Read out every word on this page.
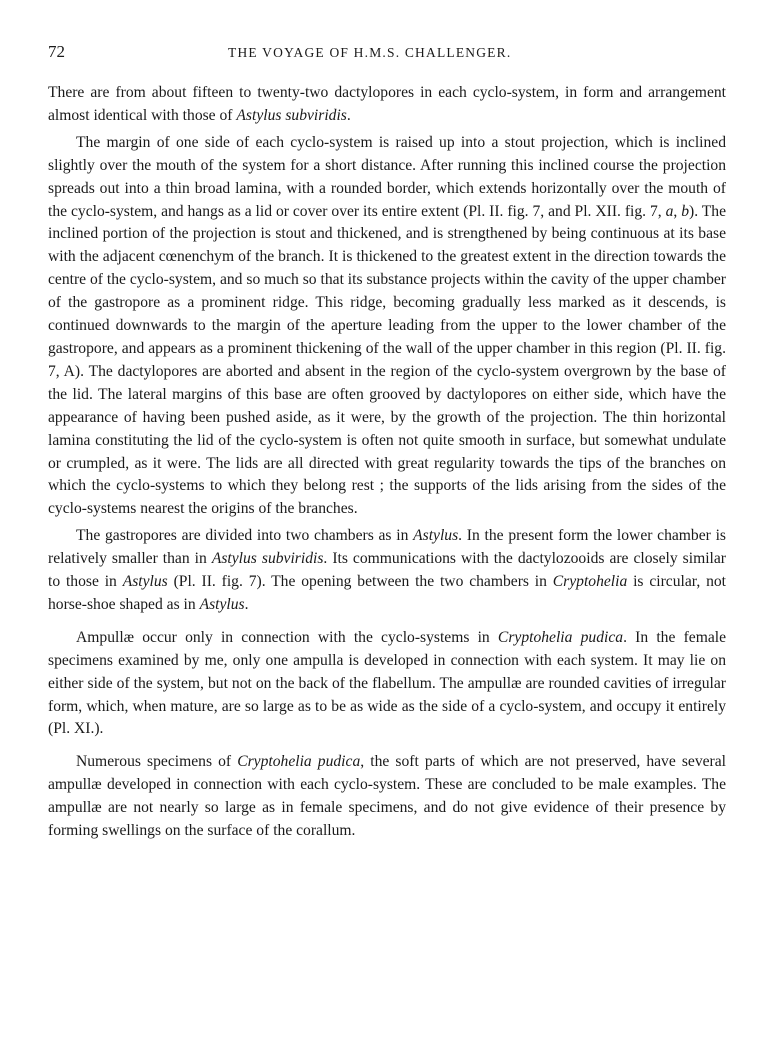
72	THE VOYAGE OF H.M.S. CHALLENGER.

There are from about fifteen to twenty-two dactylopores in each cyclo-system, in form and arrangement almost identical with those of Astylus subviridis.

The margin of one side of each cyclo-system is raised up into a stout projection, which is inclined slightly over the mouth of the system for a short distance. After running this inclined course the projection spreads out into a thin broad lamina, with a rounded border, which extends horizontally over the mouth of the cyclo-system, and hangs as a lid or cover over its entire extent (Pl. II. fig. 7, and Pl. XII. fig. 7, a, b). The inclined portion of the projection is stout and thickened, and is strengthened by being continuous at its base with the adjacent cœnenchym of the branch. It is thickened to the greatest extent in the direction towards the centre of the cyclo-system, and so much so that its substance projects within the cavity of the upper chamber of the gastropore as a prominent ridge. This ridge, becoming gradually less marked as it descends, is continued downwards to the margin of the aperture leading from the upper to the lower chamber of the gastropore, and appears as a prominent thickening of the wall of the upper chamber in this region (Pl. II. fig. 7, A). The dactylopores are aborted and absent in the region of the cyclo-system overgrown by the base of the lid. The lateral margins of this base are often grooved by dactylopores on either side, which have the appearance of having been pushed aside, as it were, by the growth of the projection. The thin horizontal lamina constituting the lid of the cyclo-system is often not quite smooth in surface, but somewhat undulate or crumpled, as it were. The lids are all directed with great regularity towards the tips of the branches on which the cyclo-systems to which they belong rest ; the supports of the lids arising from the sides of the cyclo-systems nearest the origins of the branches.

The gastropores are divided into two chambers as in Astylus. In the present form the lower chamber is relatively smaller than in Astylus subviridis. Its communications with the dactylozooids are closely similar to those in Astylus (Pl. II. fig. 7). The opening between the two chambers in Cryptohelia is circular, not horse-shoe shaped as in Astylus.

Ampullæ occur only in connection with the cyclo-systems in Cryptohelia pudica. In the female specimens examined by me, only one ampulla is developed in connection with each system. It may lie on either side of the system, but not on the back of the flabellum. The ampullæ are rounded cavities of irregular form, which, when mature, are so large as to be as wide as the side of a cyclo-system, and occupy it entirely (Pl. XI.).

Numerous specimens of Cryptohelia pudica, the soft parts of which are not preserved, have several ampullæ developed in connection with each cyclo-system. These are concluded to be male examples. The ampullæ are not nearly so large as in female specimens, and do not give evidence of their presence by forming swellings on the surface of the corallum.
